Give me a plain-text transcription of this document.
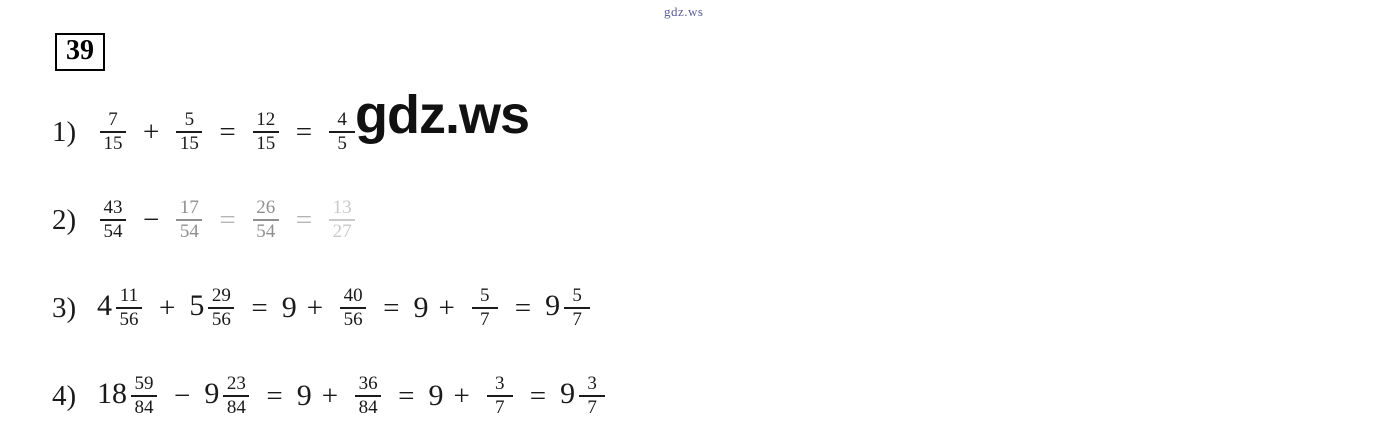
gdz.ws
39
1)	$\frac{7}{15} + \frac{5}{15} = \frac{12}{15} = \frac{4}{5}$
2)	$\frac{43}{54} - \frac{17}{54} = \frac{26}{54} = \frac{13}{27}$
3) $4 \frac{11}{56} + 5 \frac{29}{56} = 9 + \frac{40}{56} = 9 + \frac{5}{7} = 9 \frac{5}{7}$
4) $18 \frac{59}{84} - 9 \frac{23}{84} = 9 + \frac{36}{84} = 9 + \frac{3}{7} = 9 \frac{3}{7}$
gdz.ws
